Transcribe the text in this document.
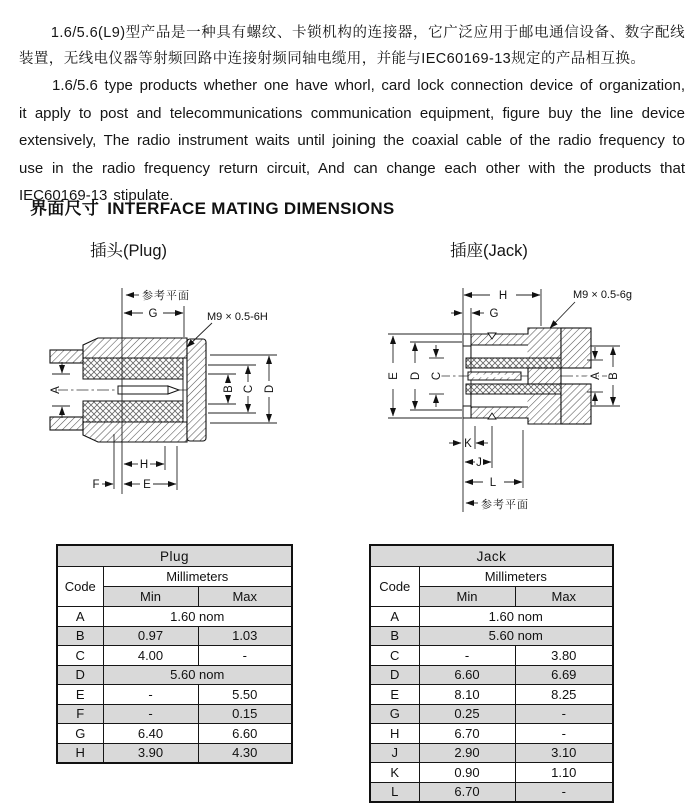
1.6/5.6(L9)型产品是一种具有螺纹、卡锁机构的连接器，它广泛应用于邮电通信设备、数字配线装置，无线电仪器等射频回路中连接射频同轴电缆用，并能与IEC60169-13规定的产品相互换。

1.6/5.6 type products whether one have whorl, card lock connection device of organization, it apply to post and telecommunications communication equipment, figure buy the line device extensively, The radio instrument waits until joining the coaxial cable of the radio frequency to use in the radio frequency return circuit, And can change each other with the products that IEC60169-13 stipulate.

界面尺寸 INTERFACE MATING DIMENSIONS
插头(Plug)	插座(Jack)
参考平面
M9 × 0.5-6H
G
A	B C D
H
E
F
参考平面
M9 × 0.5-6g
H
G
E D C	A B
K
J
L
Plug		
Code	Millimeters	
	Min	Max
A	1.60 nom	
B	0.97	1.03
C	4.00	-
D	5.60 nom	
E	-	5.50
F	-	0.15
G	6.40	6.60
H	3.90	4.30
Jack		
Code	Millimeters	
	Min	Max
A	1.60 nom	
B	5.60 nom	
C	-	3.80
D	6.60	6.69
E	8.10	8.25
G	0.25	-
H	6.70	-
J	2.90	3.10
K	0.90	1.10
L	6.70	-
